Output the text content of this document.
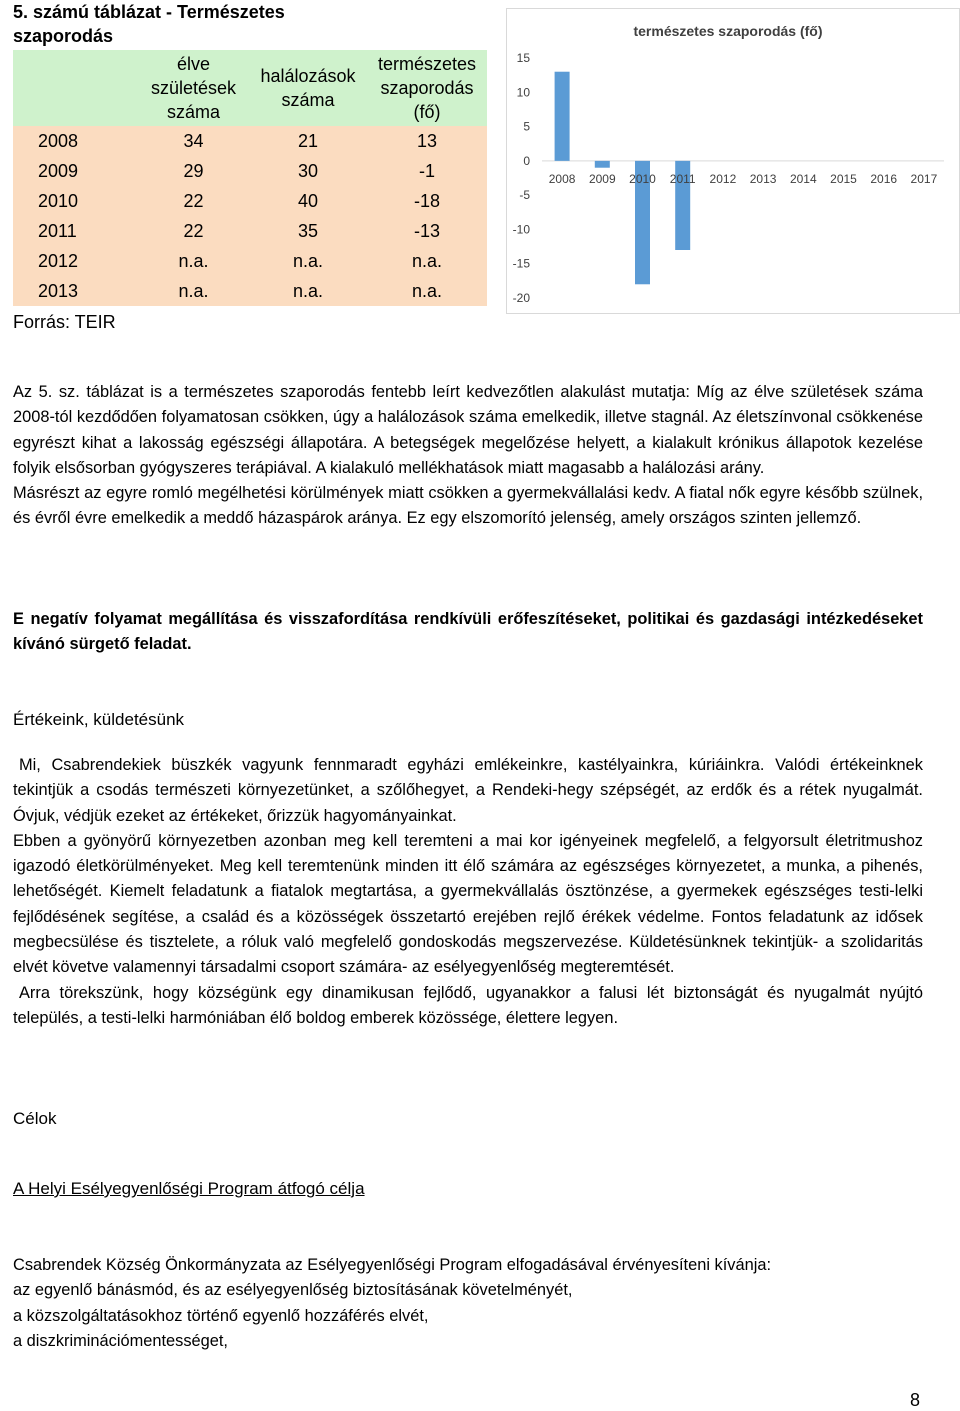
5. számú táblázat - Természetes szaporodás
	élve születések száma	halálozások száma	természetes szaporodás (fő)
2008	34	21	13
2009	29	30	-1
2010	22	40	-18
2011	22	35	-13
2012	n.a.	n.a.	n.a.
2013	n.a.	n.a.	n.a.
Forrás: TEIR
természetes szaporodás (fő)
15
10
5
0
-5
-10
-15
-20
2008 2009 2010 2011 2012 2013 2014 2015 2016 2017

Az 5. sz. táblázat is a természetes szaporodás fentebb leírt kedvezőtlen alakulást mutatja: Míg az élve születések száma 2008-tól kezdődően folyamatosan csökken, úgy a halálozások száma emelkedik, illetve stagnál. Az életszínvonal csökkenése egyrészt kihat a lakosság egészségi állapotára. A betegségek megelőzése helyett, a kialakult krónikus állapotok kezelése folyik elsősorban gyógyszeres terápiával. A kialakuló mellékhatások miatt magasabb a halálozási arány.

Másrészt az egyre romló megélhetési körülmények miatt csökken a gyermekvállalási kedv. A fiatal nők egyre később szülnek, és évről évre emelkedik a meddő házaspárok aránya. Ez egy elszomorító jelenség, amely országos szinten jellemző.

E negatív folyamat megállítása és visszafordítása rendkívüli erőfeszítéseket, politikai és gazdasági intézkedéseket kívánó sürgető feladat.

Értékeink, küldetésünk

Mi, Csabrendekiek büszkék vagyunk fennmaradt egyházi emlékeinkre, kastélyainkra, kúriáinkra. Valódi értékeinknek tekintjük a csodás természeti környezetünket, a szőlőhegyet, a Rendeki-hegy szépségét, az erdők és a rétek nyugalmát. Óvjuk, védjük ezeket az értékeket, őrizzük hagyományainkat.

Ebben a gyönyörű környezetben azonban meg kell teremteni a mai kor igényeinek megfelelő, a felgyorsult életritmushoz igazodó életkörülményeket. Meg kell teremtenünk minden itt élő számára az egészséges környezetet, a munka, a pihenés, lehetőségét. Kiemelt feladatunk a fiatalok megtartása, a gyermekvállalás ösztönzése, a gyermekek egészséges testi-lelki fejlődésének segítése, a család és a közösségek összetartó erejében rejlő érékek védelme. Fontos feladatunk az idősek megbecsülése és tisztelete, a róluk való megfelelő gondoskodás megszervezése. Küldetésünknek tekintjük- a szolidaritás elvét követve valamennyi társadalmi csoport számára- az esélyegyenlőség megteremtését.

Arra törekszünk, hogy községünk egy dinamikusan fejlődő, ugyanakkor a falusi lét biztonságát és nyugalmát nyújtó település, a testi-lelki harmóniában élő boldog emberek közössége, élettere legyen.

Célok
A Helyi Esélyegyenlőségi Program átfogó célja

Csabrendek Község Önkormányzata az Esélyegyenlőségi Program elfogadásával érvényesíteni kívánja:

az egyenlő bánásmód, és az esélyegyenlőség biztosításának követelményét,

a közszolgáltatásokhoz történő egyenlő hozzáférés elvét,

a diszkriminációmentességet,

8
